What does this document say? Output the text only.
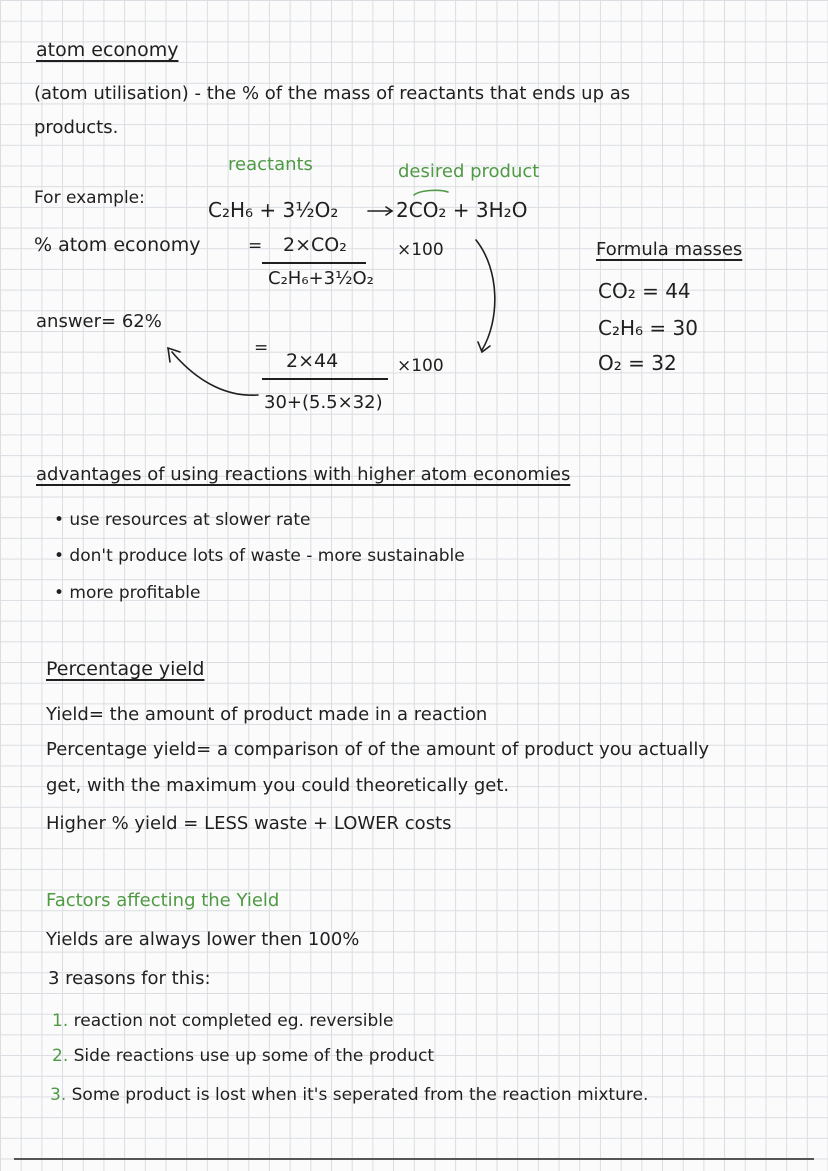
atom economy
(atom utilisation) - the % of the mass of reactants that ends up as
products.
reactants	desired product
For example:	C₂H₆ + 3½O₂	2CO₂ + 3H₂O
% atom economy	= 2×CO₂
C₂H₆+3½O₂
×100
answer= 62%
=
2×44
30+(5.5×32)
×100
Formula masses
CO₂ = 44
C₂H₆ = 30
O₂ = 32
advantages of using reactions with higher atom economies
• use resources at slower rate
• don't produce lots of waste - more sustainable
• more profitable
Percentage yield
Yield= the amount of product made in a reaction
Percentage yield= a comparison of of the amount of product you actually
get, with the maximum you could theoretically get.
Higher % yield = LESS waste + LOWER costs
Factors affecting the Yield
Yields are always lower then 100%
3 reasons for this:
1. reaction not completed eg. reversible
2. Side reactions use up some of the product
3. Some product is lost when it's seperated from the reaction mixture.
